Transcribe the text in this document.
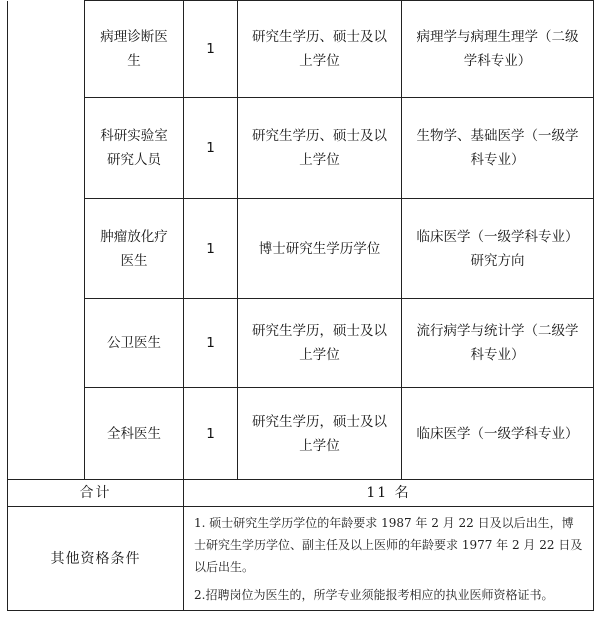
	病理诊断医生	1	研究生学历、硕士及以上学位	病理学与病理生理学（二级学科专业）
	科研实验室研究人员	1	研究生学历、硕士及以上学位	生物学、基础医学（一级学科专业）
	肿瘤放化疗医生	1	博士研究生学历学位	临床医学（一级学科专业）研究方向
	公卫医生	1	研究生学历，硕士及以上学位	流行病学与统计学（二级学科专业）
	全科医生	1	研究生学历，硕士及以上学位	临床医学（一级学科专业）
合计		11 名		
其他资格条件		1. 硕士研究生学历学位的年龄要求 1987 年 2 月 22 日及以后出生，博士研究生学历学位、副主任及以上医师的年龄要求 1977 年 2 月 22 日及以后出生。

2.招聘岗位为医生的，所学专业须能报考相应的执业医师资格证书。		
